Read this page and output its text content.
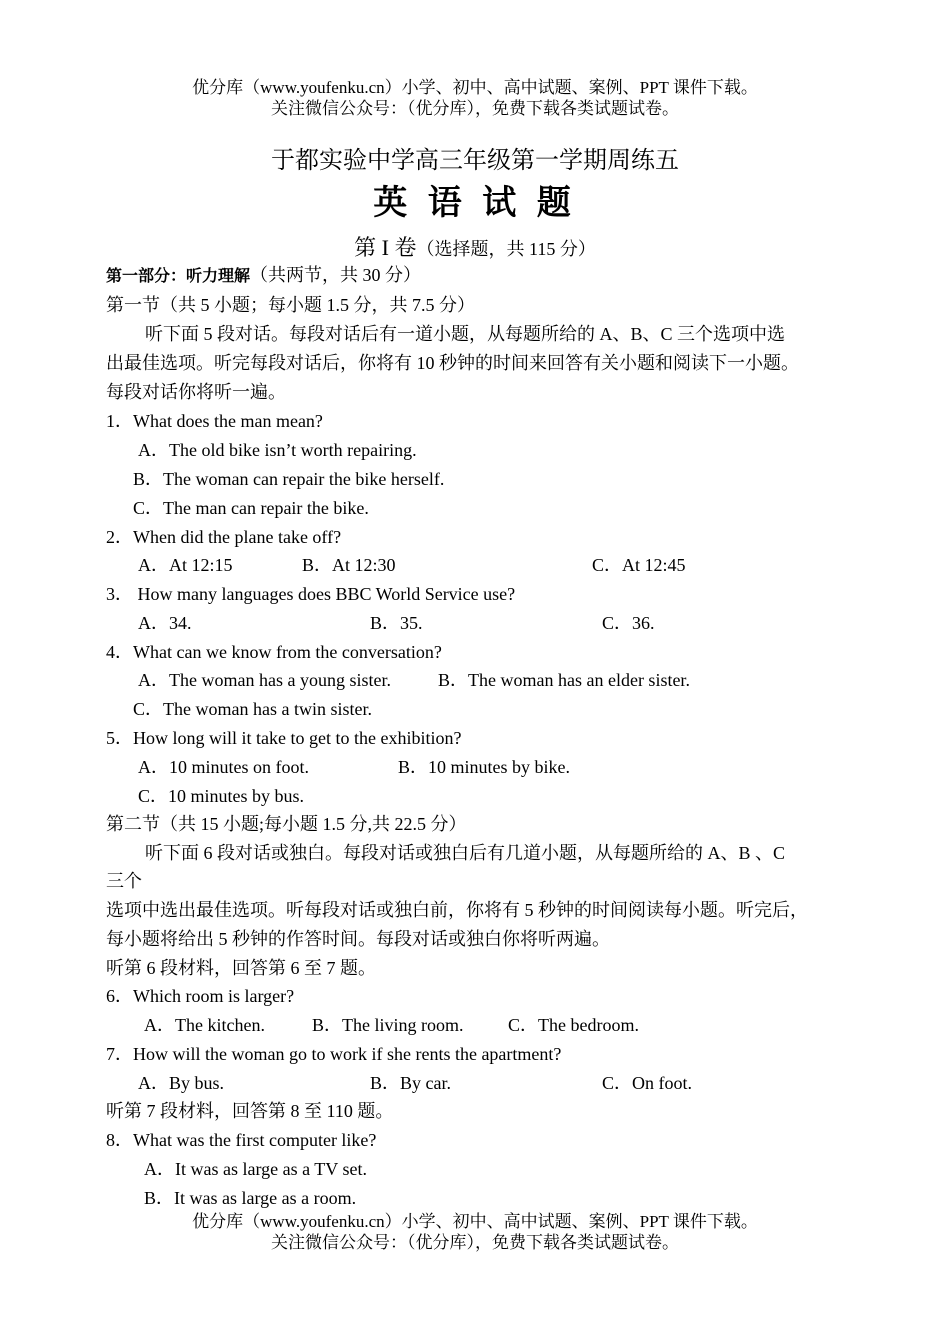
优分库（www.youfenku.cn）小学、初中、高中试题、案例、PPT 课件下载。
关注微信公众号：（优分库），免费下载各类试题试卷。
于都实验中学高三年级第一学期周练五
英 语 试 题
第 I 卷（选择题，共 115 分）
第一部分：听力理解（共两节，共 30 分）
第一节（共 5 小题；每小题 1.5 分，共 7.5 分）
听下面 5 段对话。每段对话后有一道小题，从每题所给的 A、B、C 三个选项中选
出最佳选项。听完每段对话后，你将有 10 秒钟的时间来回答有关小题和阅读下一小题。
每段对话你将听一遍。
1．What does the man mean?
A．The old bike isn’t worth repairing.
B．The woman can repair the bike herself.
C．The man can repair the bike.
2．When did the plane take off?
A．At 12:15	B．At 12:30	C．At 12:45
3． How many languages does BBC World Service use?
A．34.	B．35.	C．36.
4．What can we know from the conversation?
A．The woman has a young sister.	B．The woman has an elder sister.
C．The woman has a twin sister.
5．How long will it take to get to the exhibition?
A．10 minutes on foot.	B．10 minutes by bike.
C．10 minutes by bus.
第二节（共 15 小题;每小题 1.5 分,共 22.5 分）
听下面 6 段对话或独白。每段对话或独白后有几道小题，从每题所给的 A、B 、C
三个
选项中选出最佳选项。听每段对话或独白前，你将有 5 秒钟的时间阅读每小题。听完后，
每小题将给出 5 秒钟的作答时间。每段对话或独白你将听两遍。
听第 6 段材料，回答第 6 至 7 题。
6．Which room is larger?
A．The kitchen.	B．The living room. C．The bedroom.
7．How will the woman go to work if she rents the apartment?
A．By bus.	B．By car.	C．On foot.
听第 7 段材料，回答第 8 至 110 题。
8．What was the first computer like?
A．It was as large as a TV set.
B．It was as large as a room.
优分库（www.youfenku.cn）小学、初中、高中试题、案例、PPT 课件下载。
关注微信公众号：（优分库），免费下载各类试题试卷。
